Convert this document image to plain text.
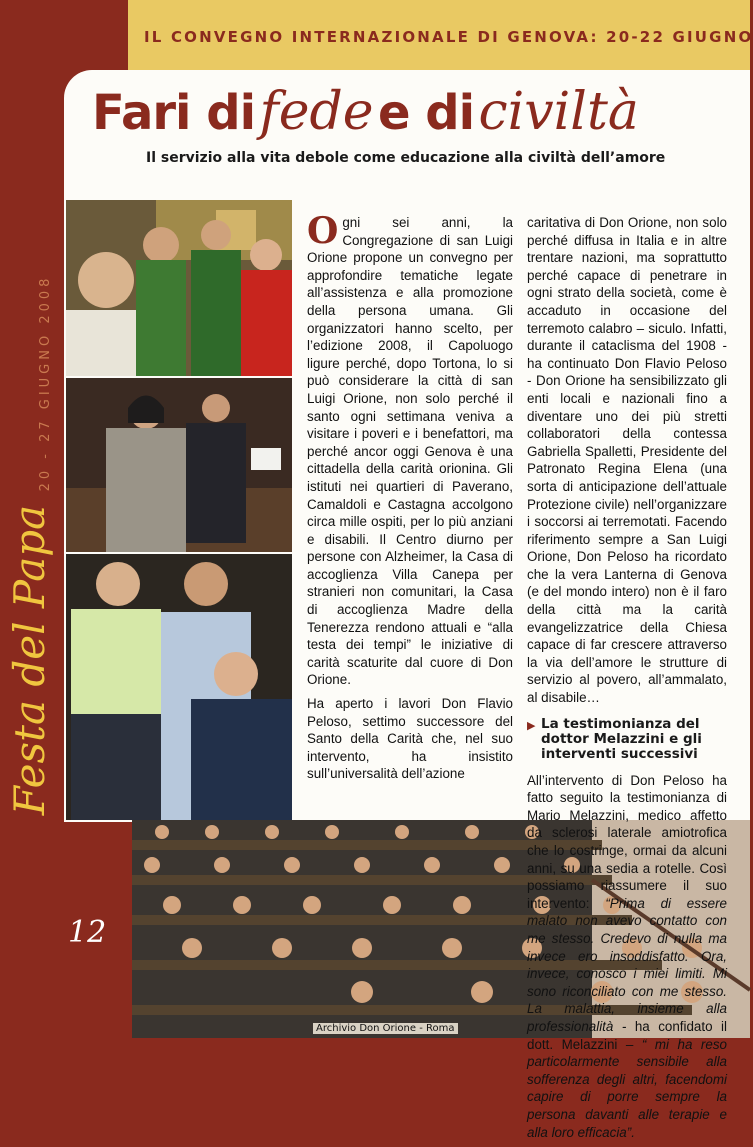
IL CONVEGNO INTERNAZIONALE DI GENOVA: 20-22 GIUGNO
Fari di fede e di civiltà
Il servizio alla vita debole come educazione alla civiltà dell’amore
20 - 27 GIUGNO 2008
Festa del Papa
12

Ogni sei anni, la Congregazione di san Luigi Orione propone un convegno per approfondire tematiche legate all’assistenza e alla promozione della persona umana. Gli organizzatori hanno scelto, per l’edizione 2008, il Capoluogo ligure perché, dopo Tortona, lo si può considerare la città di san Luigi Orione, non solo perché il santo ogni settimana veniva a visitare i poveri e i benefattori, ma perché ancor oggi Genova è una cittadella della carità orionina. Gli istituti nei quartieri di Paverano, Camaldoli e Castagna accolgono circa mille ospiti, per lo più anziani e disabili. Il Centro diurno per persone con Alzheimer, la Casa di accoglienza Villa Canepa per stranieri non comunitari, la Casa di accoglienza Madre della Tenerezza rendono attuali e “alla testa dei tempi” le iniziative di carità scaturite dal cuore di Don Orione.

Ha aperto i lavori Don Flavio Peloso, settimo successore del Santo della Carità che, nel suo intervento, ha insistito sull’universalità dell’azione

caritativa di Don Orione, non solo perché diffusa in Italia e in altre trentare nazioni, ma soprattutto perché capace di penetrare in ogni strato della società, come è accaduto in occasione del terremoto calabro – siculo. Infatti, durante il cataclisma del 1908 - ha continuato Don Flavio Peloso - Don Orione ha sensibilizzato gli enti locali e nazionali fino a diventare uno dei più stretti collaboratori della contessa Gabriella Spalletti, Presidente del Patronato Regina Elena (una sorta di anticipazione dell’attuale Protezione civile) nell’organizzare i soccorsi ai terremotati. Facendo riferimento sempre a San Luigi Orione, Don Peloso ha ricordato che la vera Lanterna di Genova (e del mondo intero) non è il faro della città ma la carità evangelizzatrice della Chiesa capace di far crescere attraverso la via dell’amore le strutture di servizio al povero, all’ammalato, al disabile…

▶ La testimonianza del dottor Melazzini e gli interventi successivi

All’intervento di Don Peloso ha fatto seguito la testimonianza di Mario Melazzini, medico affetto da sclerosi laterale amiotrofica che lo costringe, ormai da alcuni anni, su una sedia a rotelle. Così possiamo riassumere il suo intervento: “Prima di essere malato non avevo contatto con me stesso. Credevo di nulla ma invece ero insoddisfatto. Ora, invece, conosco i miei limiti. Mi sono riconciliato con me stesso. La malattia, insieme alla professionalità - ha confidato il dott. Melazzini – “ mi ha reso particolarmente sensibile alla sofferenza degli altri, facendomi capire di porre sempre la persona davanti alle terapie e alla loro efficacia”.

Archivio Don Orione - Roma
